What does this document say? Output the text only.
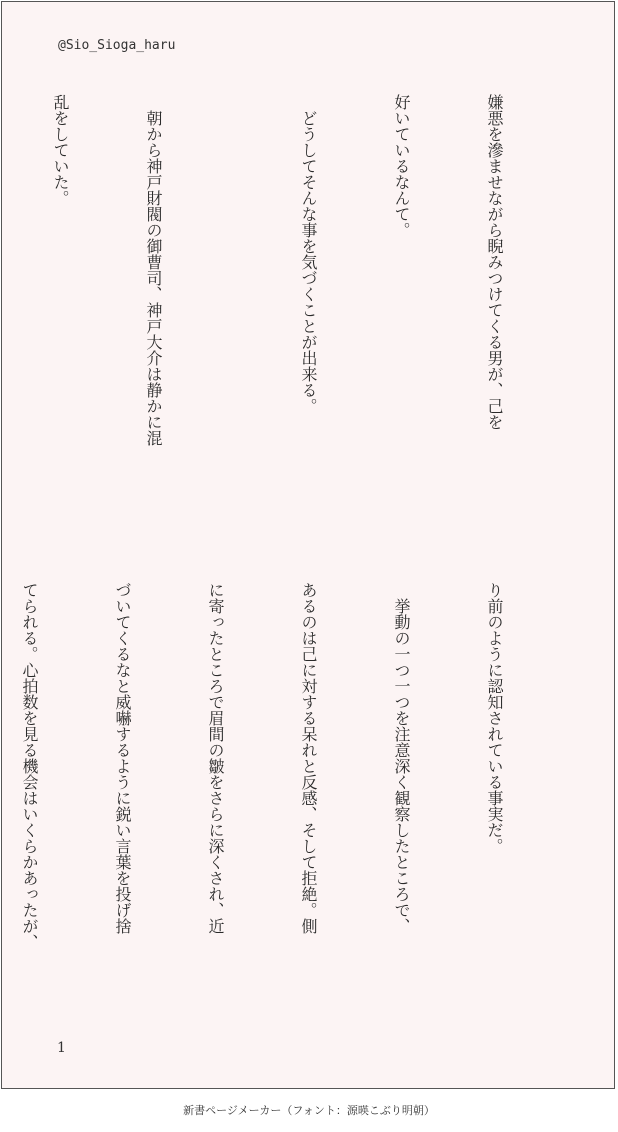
@Sio_Sioga_haru

嫌悪を滲ませながら睨みつけてくる男が、己を

好いているなんて。

　どうしてそんな事を気づくことが出来る。

　朝から神戸財閥の御曹司、神戸大介は静かに混

乱をしていた。

り前のように認知されている事実だ。

　挙動の一つ一つを注意深く観察したところで、

あるのは己に対する呆れと反感、そして拒絶。側

に寄ったところで眉間の皺をさらに深くされ、近

づいてくるなと威嚇するように鋭い言葉を投げ捨

てられる。心拍数を見る機会はいくらかあったが、

1
新書ページメーカー（フォント：源暎こぶり明朝）
